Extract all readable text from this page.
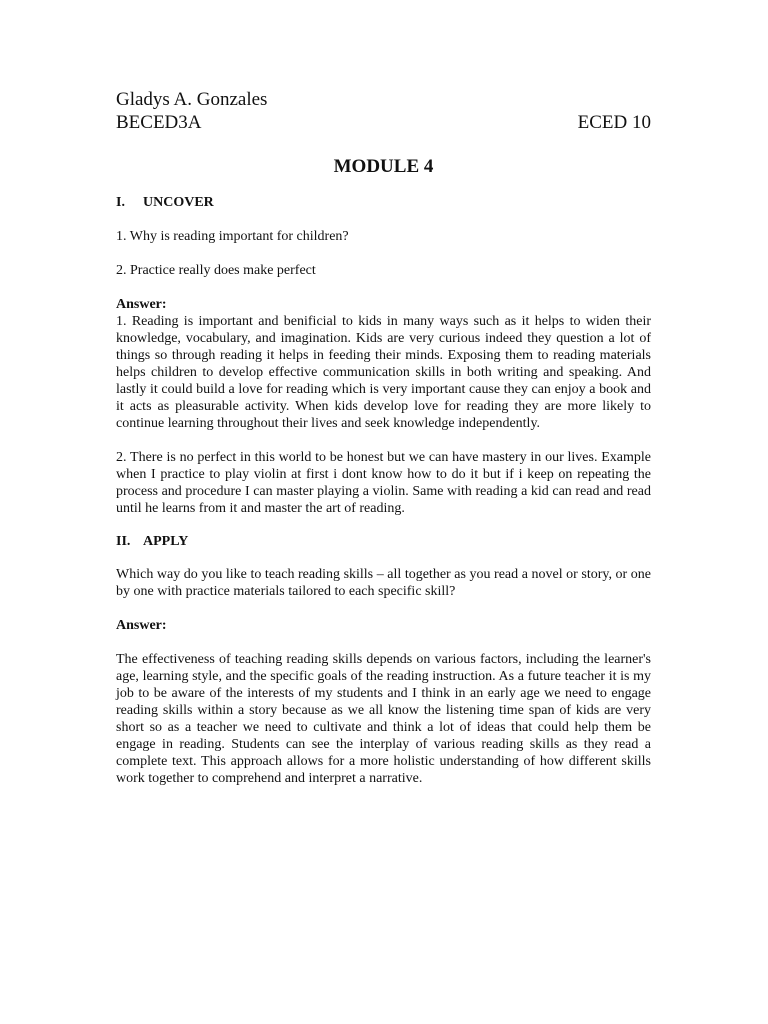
Gladys A. Gonzales
BECED3A	ECED 10
MODULE 4
I.	UNCOVER

1. Why is reading important for children?

2. Practice really does make perfect

Answer:

1. Reading is important and benificial to kids in many ways such as it helps to widen their knowledge, vocabulary, and imagination. Kids are very curious indeed they question a lot of things so through reading it helps in feeding their minds. Exposing them to reading materials helps children to develop effective communication skills in both writing and speaking. And lastly it could build a love for reading which is very important cause they can enjoy a book and it acts as pleasurable activity. When kids develop love for reading they are more likely to continue learning throughout their lives and seek knowledge independently.

2. There is no perfect in this world to be honest but we can have mastery in our lives. Example when I practice to play violin at first i dont know how to do it but if i keep on repeating the process and procedure I can master playing a violin. Same with reading a kid can read and read until he learns from it and master the art of reading.

II. APPLY

Which way do you like to teach reading skills – all together as you read a novel or story, or one by one with practice materials tailored to each specific skill?

Answer:

The effectiveness of teaching reading skills depends on various factors, including the learner's age, learning style, and the specific goals of the reading instruction. As a future teacher it is my job to be aware of the interests of my students and I think in an early age we need to engage reading skills within a story because as we all know the listening time span of kids are very short so as a teacher we need to cultivate and think a lot of ideas that could help them be engage in reading. Students can see the interplay of various reading skills as they read a complete text. This approach allows for a more holistic understanding of how different skills work together to comprehend and interpret a narrative.
